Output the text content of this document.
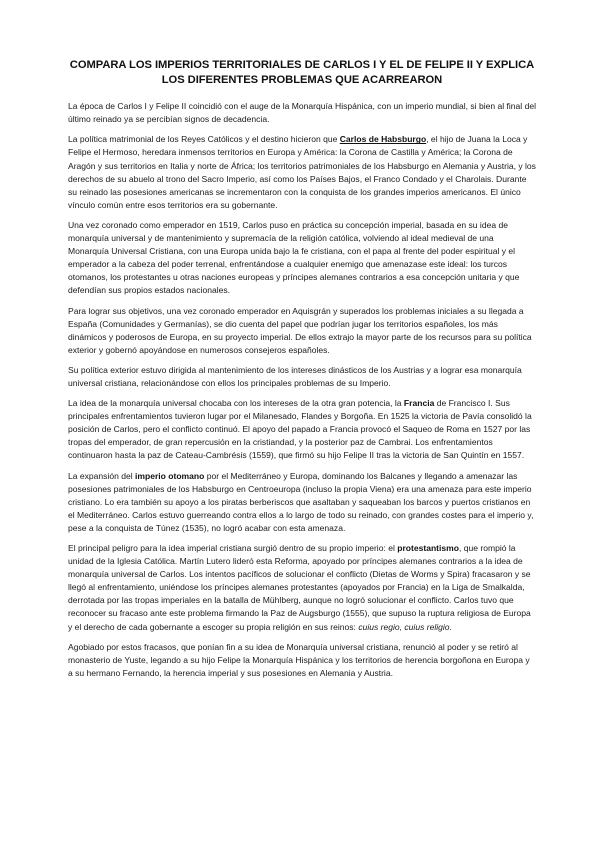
COMPARA LOS IMPERIOS TERRITORIALES DE CARLOS I Y EL DE FELIPE II Y EXPLICA LOS DIFERENTES PROBLEMAS QUE ACARREARON

La época de Carlos I y Felipe II coincidió con el auge de la Monarquía Hispánica, con un imperio mundial, si bien al final del último reinado ya se percibían signos de decadencia.

La política matrimonial de los Reyes Católicos y el destino hicieron que Carlos de Habsburgo, el hijo de Juana la Loca y Felipe el Hermoso, heredara inmensos territorios en Europa y América: la Corona de Castilla y América; la Corona de Aragón y sus territorios en Italia y norte de África; los territorios patrimoniales de los Habsburgo en Alemania y Austria, y los derechos de su abuelo al trono del Sacro Imperio, así como los Países Bajos, el Franco Condado y el Charolais. Durante su reinado las posesiones americanas se incrementaron con la conquista de los grandes imperios americanos. El único vínculo común entre esos territorios era su gobernante.

Una vez coronado como emperador en 1519, Carlos puso en práctica su concepción imperial, basada en su idea de monarquía universal y de mantenimiento y supremacía de la religión católica, volviendo al ideal medieval de una Monarquía Universal Cristiana, con una Europa unida bajo la fe cristiana, con el papa al frente del poder espiritual y el emperador a la cabeza del poder terrenal, enfrentándose a cualquier enemigo que amenazase este ideal: los turcos otomanos, los protestantes u otras naciones europeas y príncipes alemanes contrarios a esa concepción unitaria y que defendían sus propios estados nacionales.

Para lograr sus objetivos, una vez coronado emperador en Aquisgrán y superados los problemas iniciales a su llegada a España (Comunidades y Germanías), se dio cuenta del papel que podrían jugar los territorios españoles, los más dinámicos y poderosos de Europa, en su proyecto imperial. De ellos extrajo la mayor parte de los recursos para su política exterior y gobernó apoyándose en numerosos consejeros españoles.

Su política exterior estuvo dirigida al mantenimiento de los intereses dinásticos de los Austrias y a lograr esa monarquía universal cristiana, relacionándose con ellos los principales problemas de su Imperio.

La idea de la monarquía universal chocaba con los intereses de la otra gran potencia, la Francia de Francisco I. Sus principales enfrentamientos tuvieron lugar por el Milanesado, Flandes y Borgoña. En 1525 la victoria de Pavía consolidó la posición de Carlos, pero el conflicto continuó. El apoyo del papado a Francia provocó el Saqueo de Roma en 1527 por las tropas del emperador, de gran repercusión en la cristiandad, y la posterior paz de Cambrai. Los enfrentamientos continuaron hasta la paz de Cateau-Cambrésis (1559), que firmó su hijo Felipe II tras la victoria de San Quintín en 1557.

La expansión del imperio otomano por el Mediterráneo y Europa, dominando los Balcanes y llegando a amenazar las posesiones patrimoniales de los Habsburgo en Centroeuropa (incluso la propia Viena) era una amenaza para este imperio cristiano. Lo era también su apoyo a los piratas berberiscos que asaltaban y saqueaban los barcos y puertos cristianos en el Mediterráneo. Carlos estuvo guerreando contra ellos a lo largo de todo su reinado, con grandes costes para el imperio y, pese a la conquista de Túnez (1535), no logró acabar con esta amenaza.

El principal peligro para la idea imperial cristiana surgió dentro de su propio imperio: el protestantismo, que rompió la unidad de la Iglesia Católica. Martín Lutero lideró esta Reforma, apoyado por príncipes alemanes contrarios a la idea de monarquía universal de Carlos. Los intentos pacíficos de solucionar el conflicto (Dietas de Worms y Spira) fracasaron y se llegó al enfrentamiento, uniéndose los príncipes alemanes protestantes (apoyados por Francia) en la Liga de Smalkalda, derrotada por las tropas imperiales en la batalla de Mühlberg, aunque no logró solucionar el conflicto. Carlos tuvo que reconocer su fracaso ante este problema firmando la Paz de Augsburgo (1555), que supuso la ruptura religiosa de Europa y el derecho de cada gobernante a escoger su propia religión en sus reinos: cuius regio, cuius religio.

Agobiado por estos fracasos, que ponían fin a su idea de Monarquía universal cristiana, renunció al poder y se retiró al monasterio de Yuste, legando a su hijo Felipe la Monarquía Hispánica y los territorios de herencia borgoñona en Europa y a su hermano Fernando, la herencia imperial y sus posesiones en Alemania y Austria.
